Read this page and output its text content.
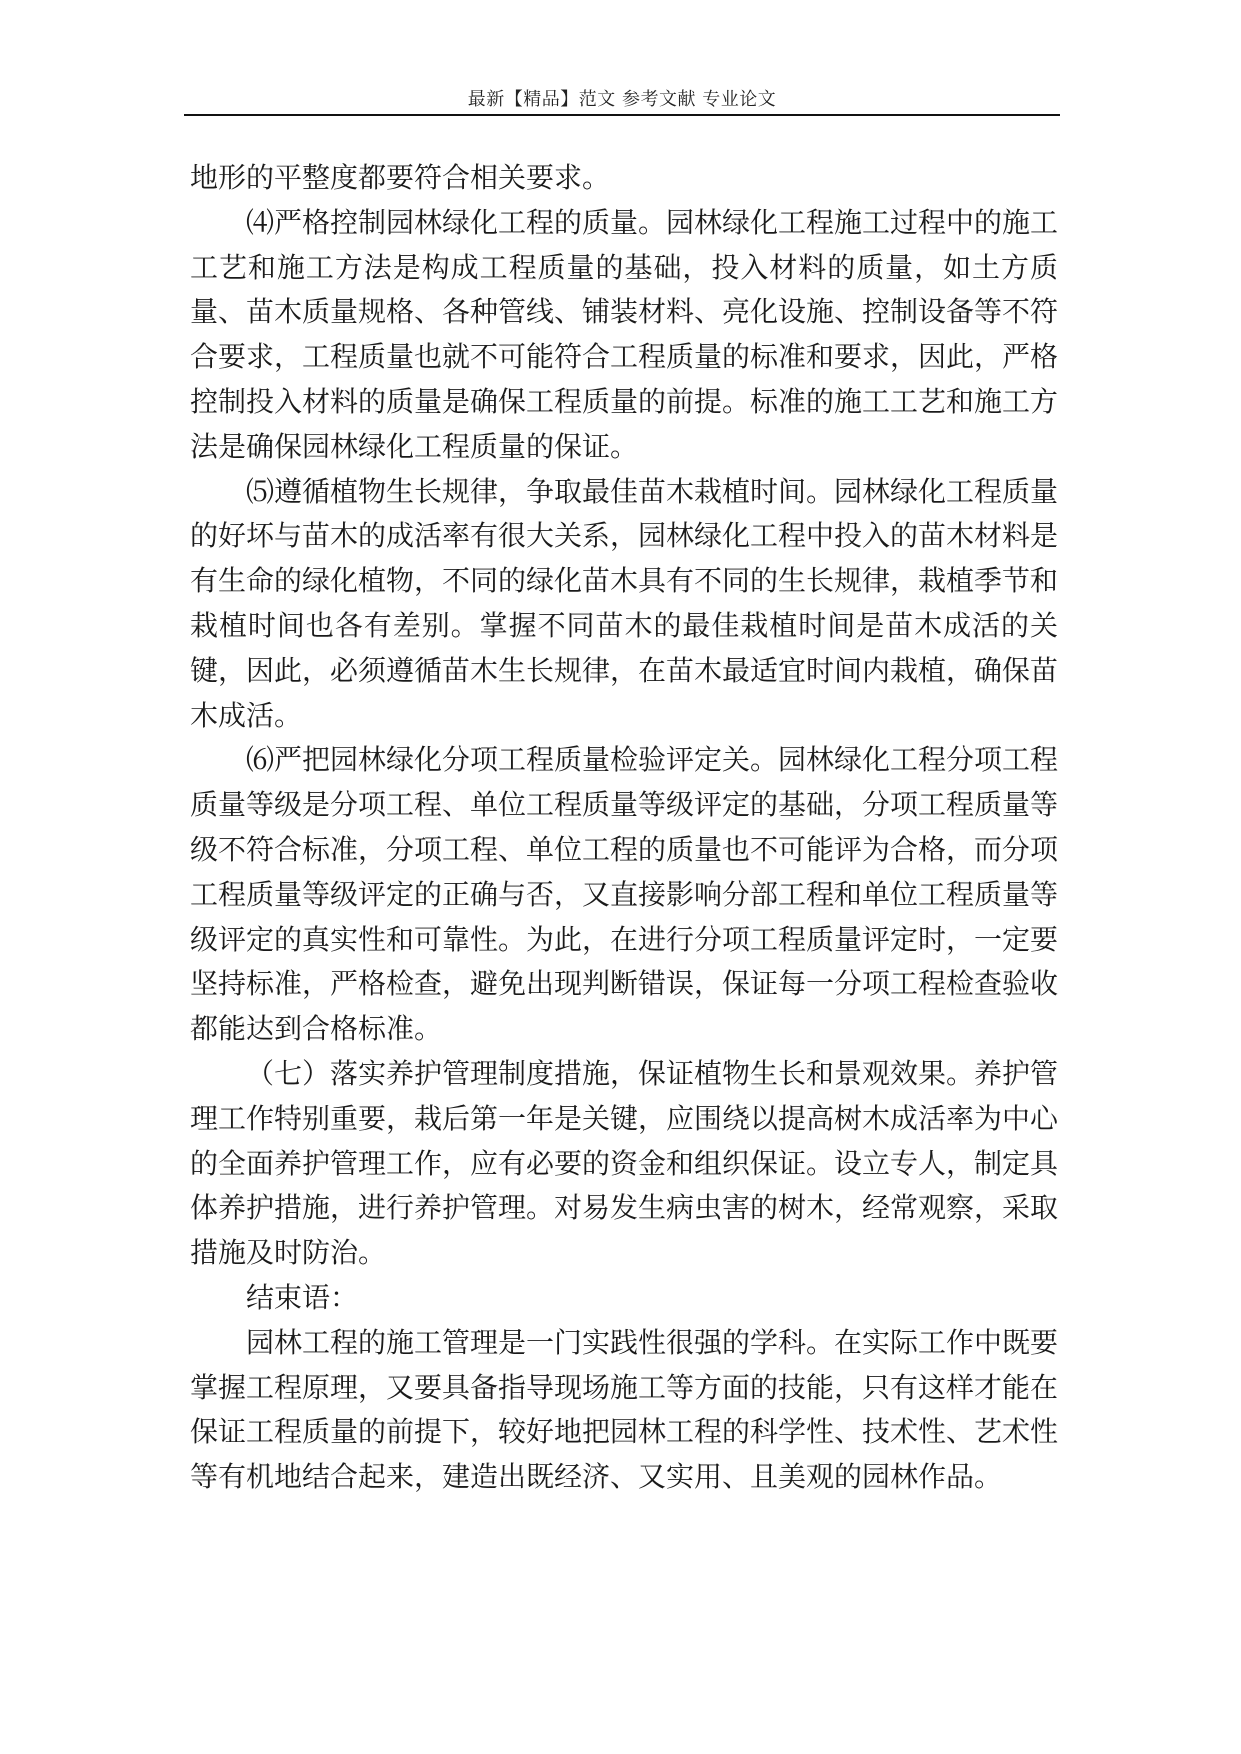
最新【精品】范文 参考文献 专业论文

地形的平整度都要符合相关要求。

⑷严格控制园林绿化工程的质量。园林绿化工程施工过程中的施工工艺和施工方法是构成工程质量的基础，投入材料的质量，如土方质量、苗木质量规格、各种管线、铺装材料、亮化设施、控制设备等不符合要求，工程质量也就不可能符合工程质量的标准和要求，因此，严格控制投入材料的质量是确保工程质量的前提。标准的施工工艺和施工方法是确保园林绿化工程质量的保证。

⑸遵循植物生长规律，争取最佳苗木栽植时间。园林绿化工程质量的好坏与苗木的成活率有很大关系，园林绿化工程中投入的苗木材料是有生命的绿化植物，不同的绿化苗木具有不同的生长规律，栽植季节和栽植时间也各有差别。掌握不同苗木的最佳栽植时间是苗木成活的关键，因此，必须遵循苗木生长规律，在苗木最适宜时间内栽植，确保苗木成活。

⑹严把园林绿化分项工程质量检验评定关。园林绿化工程分项工程质量等级是分项工程、单位工程质量等级评定的基础，分项工程质量等级不符合标准，分项工程、单位工程的质量也不可能评为合格，而分项工程质量等级评定的正确与否，又直接影响分部工程和单位工程质量等级评定的真实性和可靠性。为此，在进行分项工程质量评定时，一定要坚持标准，严格检查，避免出现判断错误，保证每一分项工程检查验收都能达到合格标准。

（七）落实养护管理制度措施，保证植物生长和景观效果。养护管理工作特别重要，栽后第一年是关键，应围绕以提高树木成活率为中心的全面养护管理工作，应有必要的资金和组织保证。设立专人，制定具体养护措施，进行养护管理。对易发生病虫害的树木，经常观察，采取措施及时防治。

结束语：

园林工程的施工管理是一门实践性很强的学科。在实际工作中既要掌握工程原理，又要具备指导现场施工等方面的技能，只有这样才能在保证工程质量的前提下，较好地把园林工程的科学性、技术性、艺术性等有机地结合起来，建造出既经济、又实用、且美观的园林作品。
